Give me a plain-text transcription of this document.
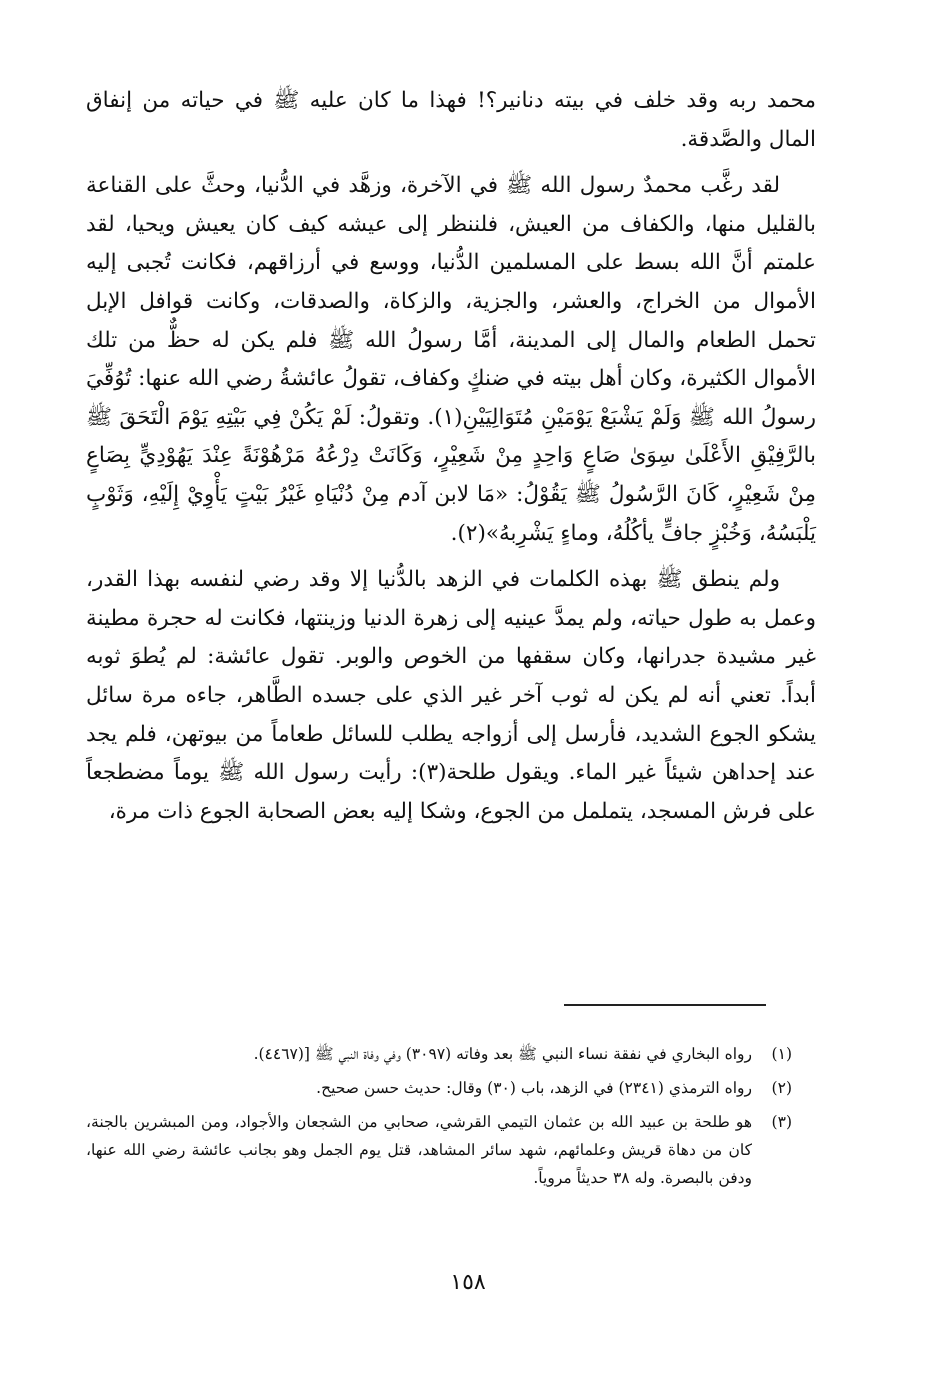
محمد ربه وقد خلف في بيته دنانير؟! فهذا ما كان عليه ﷺ في حياته من إنفاق المال والصَّدقة.

لقد رغَّب محمدٌ رسول الله ﷺ في الآخرة، وزهَّد في الدُّنيا، وحثَّ على القناعة بالقليل منها، والكفاف من العيش، فلننظر إلى عيشه كيف كان يعيش ويحيا، لقد علمتم أنَّ الله بسط على المسلمين الدُّنيا، ووسع في أرزاقهم، فكانت تُجبى إليه الأموال من الخراج، والعشر، والجزية، والزكاة، والصدقات، وكانت قوافل الإبل تحمل الطعام والمال إلى المدينة، أمَّا رسولُ الله ﷺ فلم يكن له حظٌّ من تلك الأموال الكثيرة، وكان أهل بيته في ضنكٍ وكفاف، تقولُ عائشةُ رضي الله عنها: تُوُفِّيَ رسولُ الله ﷺ وَلَمْ يَشْبَعْ يَوْمَيْنِ مُتَوَالِيَيْنِ(١). وتقولُ: لَمْ يَكُنْ فِي بَيْتِهِ يَوْمَ الْتَحَقَ ﷺ بالرَّفِيْقِ الأَعْلَىٰ سِوَىٰ صَاعٍ وَاحِدٍ مِنْ شَعِيْرٍ، وَكَانَتْ دِرْعُهُ مَرْهُوْنَةً عِنْدَ يَهُوْدِيٍّ بِصَاعٍ مِنْ شَعِيْرٍ، كَانَ الرَّسُولُ ﷺ يَقُوْلُ: «مَا لابن آدم مِنْ دُنْيَاهِ غَيْرُ بَيْتٍ يَأْوِيْ إِلَيْهِ، وَثَوْبٍ يَلْبَسُهُ، وَخُبْزٍ جافٍّ يأكُلُهُ، وماءٍ يَشْرِبهُ»(٢).

ولم ينطق ﷺ بهذه الكلمات في الزهد بالدُّنيا إلا وقد رضي لنفسه بهذا القدر، وعمل به طول حياته، ولم يمدَّ عينيه إلى زهرة الدنيا وزينتها، فكانت له حجرة مطينة غير مشيدة جدرانها، وكان سقفها من الخوص والوبر. تقول عائشة: لم يُطوَ ثوبه أبداً. تعني أنه لم يكن له ثوب آخر غير الذي على جسده الطَّاهر، جاءه مرة سائل يشكو الجوع الشديد، فأرسل إلى أزواجه يطلب للسائل طعاماً من بيوتهن، فلم يجد عند إحداهن شيئاً غير الماء. ويقول طلحة(٣): رأيت رسول الله ﷺ يوماً مضطجعاً على فرش المسجد، يتململ من الجوع، وشكا إليه بعض الصحابة الجوع ذات مرة،

(١)
رواه البخاري في نفقة نساء النبي ﷺ بعد وفاته (٣٠٩٧) وفي وفاة النبي ﷺ [(٤٤٦٧).
(٢)
رواه الترمذي (٢٣٤١) في الزهد، باب (٣٠) وقال: حديث حسن صحيح.
(٣)
هو طلحة بن عبيد الله بن عثمان التيمي القرشي، صحابي من الشجعان والأجواد، ومن المبشرين بالجنة، كان من دهاة قريش وعلمائهم، شهد سائر المشاهد، قتل يوم الجمل وهو بجانب عائشة رضي الله عنها، ودفن بالبصرة. وله ٣٨ حديثاً مروياً.
١٥٨
